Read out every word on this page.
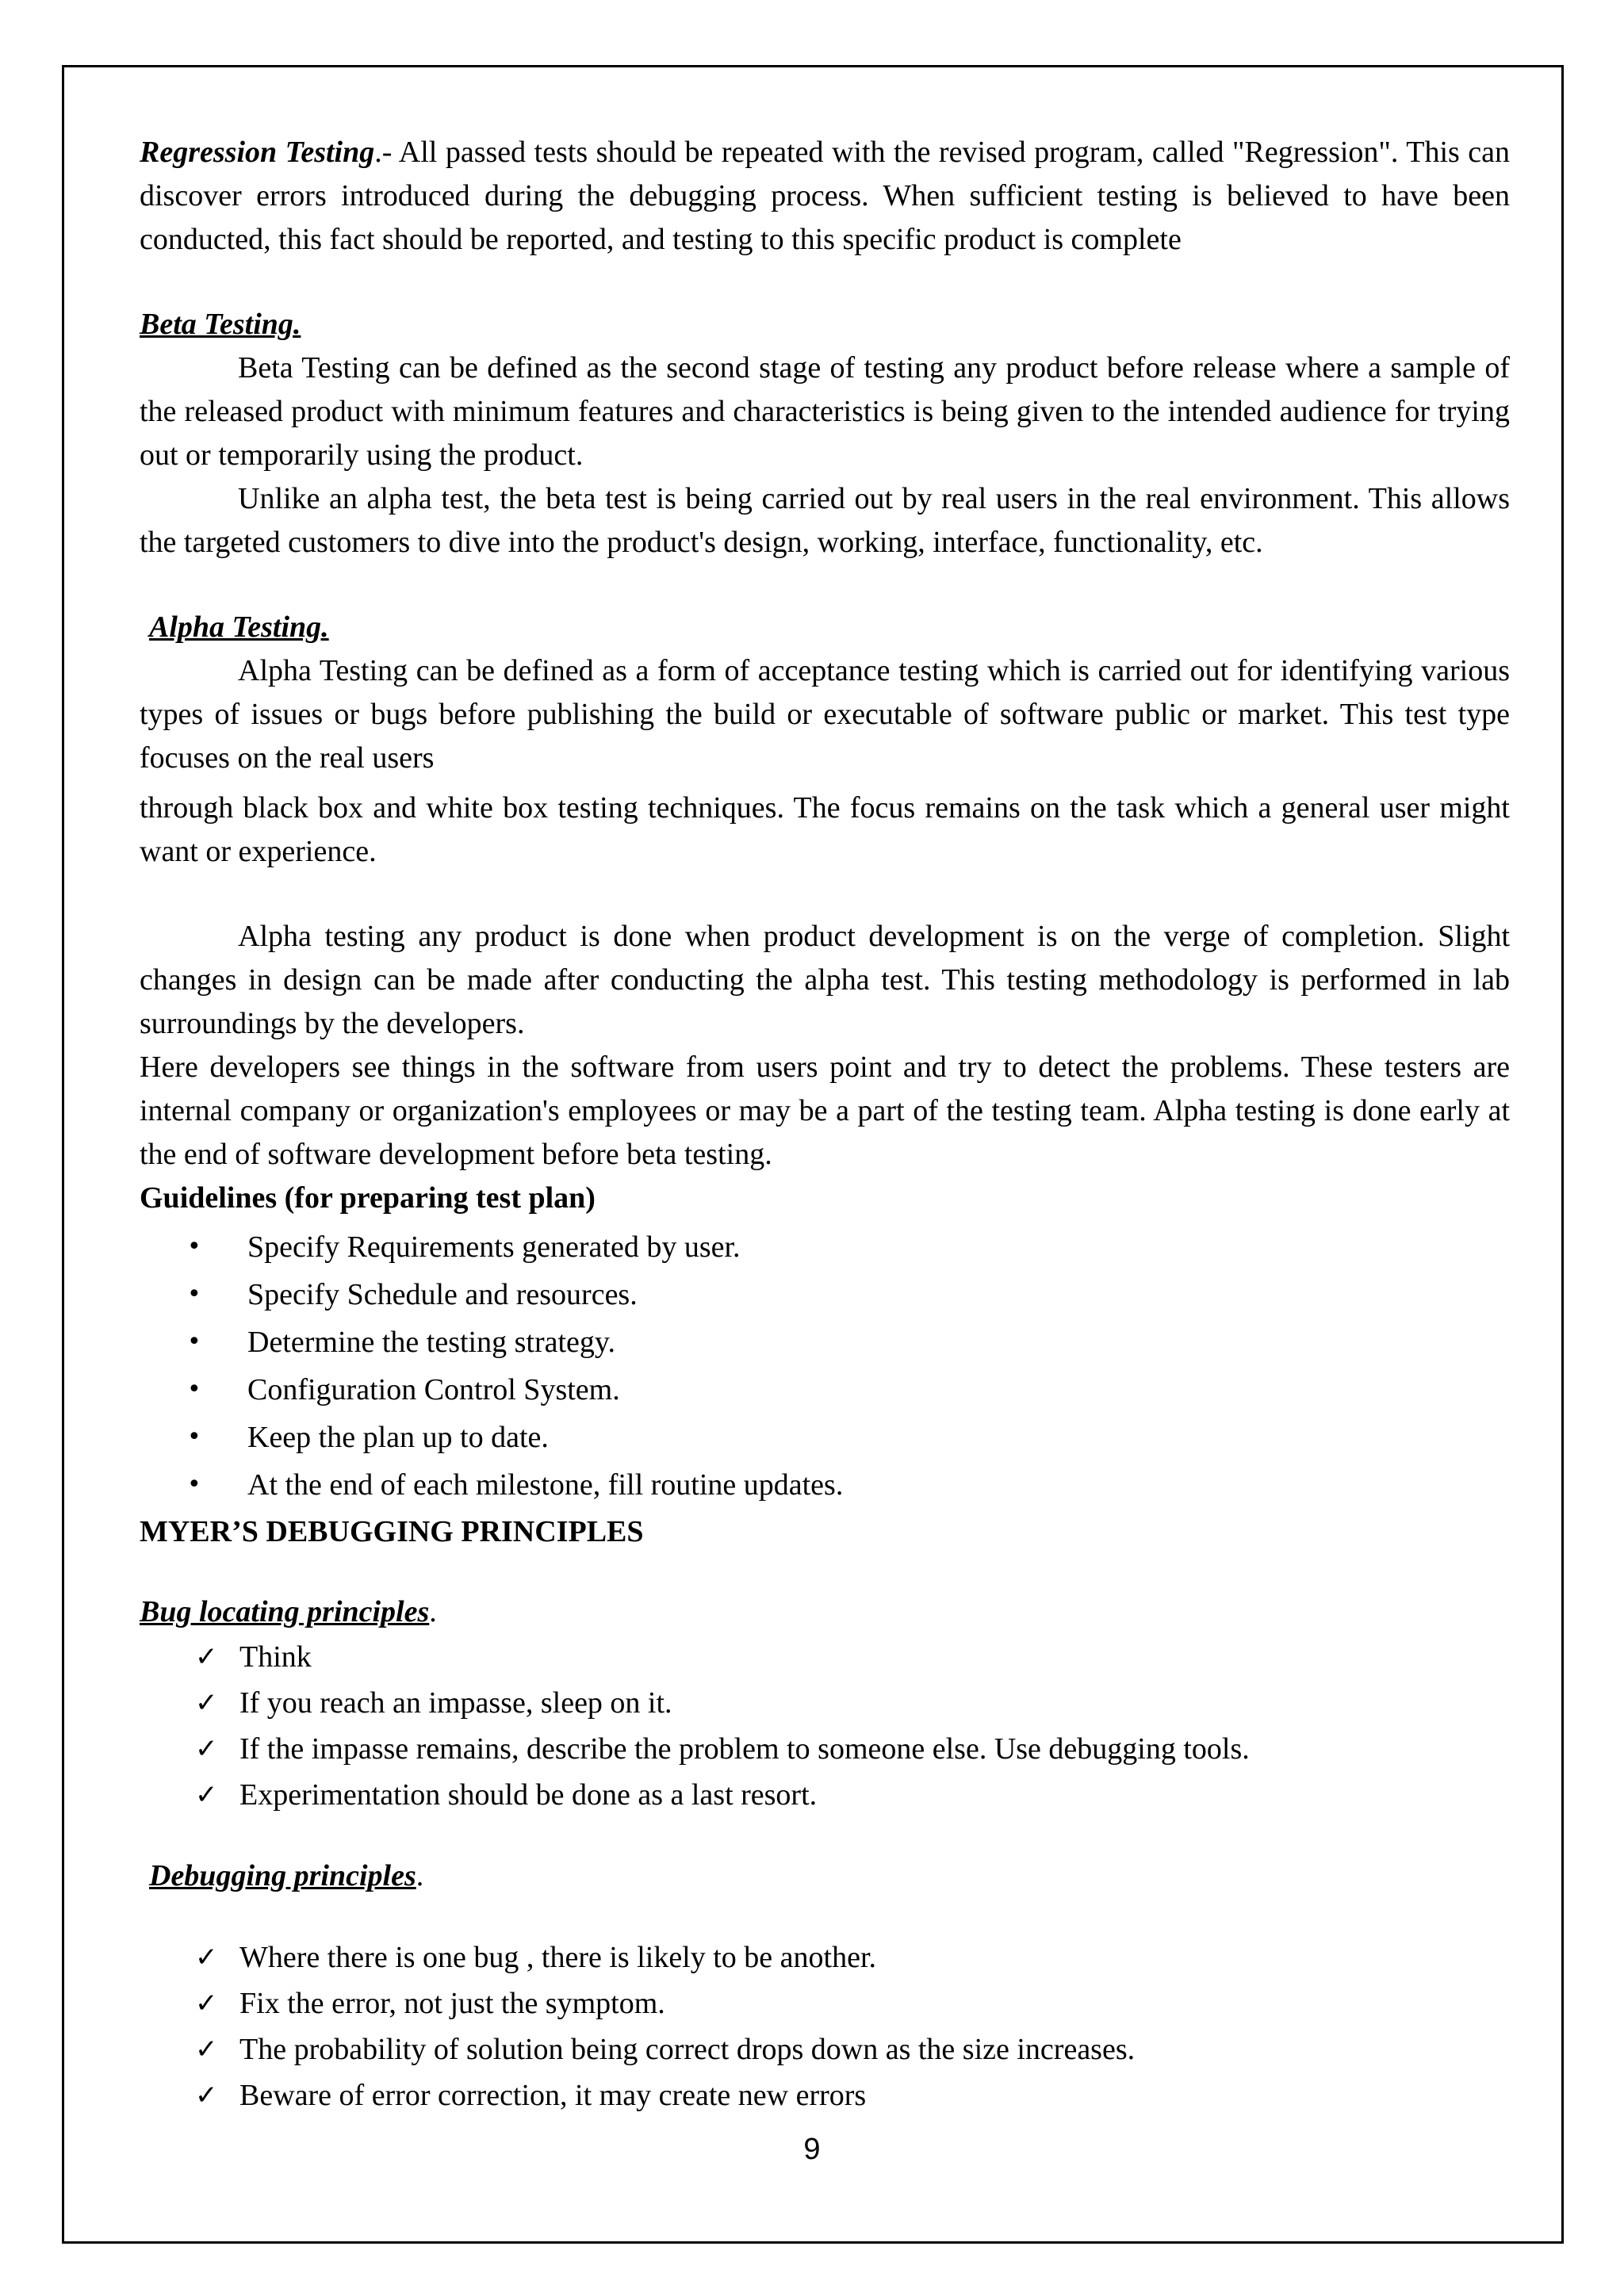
Regression Testing.- All passed tests should be repeated with the revised program, called "Regression". This can discover errors introduced during the debugging process. When sufficient testing is believed to have been conducted, this fact should be reported, and testing to this specific product is complete

Beta Testing.

Beta Testing can be defined as the second stage of testing any product before release where a sample of the released product with minimum features and characteristics is being given to the intended audience for trying out or temporarily using the product.

Unlike an alpha test, the beta test is being carried out by real users in the real environment. This allows the targeted customers to dive into the product's design, working, interface, functionality, etc.

Alpha Testing.

Alpha Testing can be defined as a form of acceptance testing which is carried out for identifying various types of issues or bugs before publishing the build or executable of software public or market. This test type focuses on the real users

through black box and white box testing techniques. The focus remains on the task which a general user might want or experience.

Alpha testing any product is done when product development is on the verge of completion. Slight changes in design can be made after conducting the alpha test. This testing methodology is performed in lab surroundings by the developers.

Here developers see things in the software from users point and try to detect the problems. These testers are internal company or organization's employees or may be a part of the testing team. Alpha testing is done early at the end of software development before beta testing.

Guidelines (for preparing test plan)

• Specify Requirements generated by user.
• Specify Schedule and resources.
• Determine the testing strategy.
• Configuration Control System.
• Keep the plan up to date.
• At the end of each milestone, fill routine updates.

MYER’S DEBUGGING PRINCIPLES

Bug locating principles.

✓ Think
✓ If you reach an impasse, sleep on it.
✓ If the impasse remains, describe the problem to someone else. Use debugging tools.
✓ Experimentation should be done as a last resort.

Debugging principles.

✓ Where there is one bug , there is likely to be another.
✓ Fix the error, not just the symptom.
✓ The probability of solution being correct drops down as the size increases.
✓ Beware of error correction, it may create new errors
9
